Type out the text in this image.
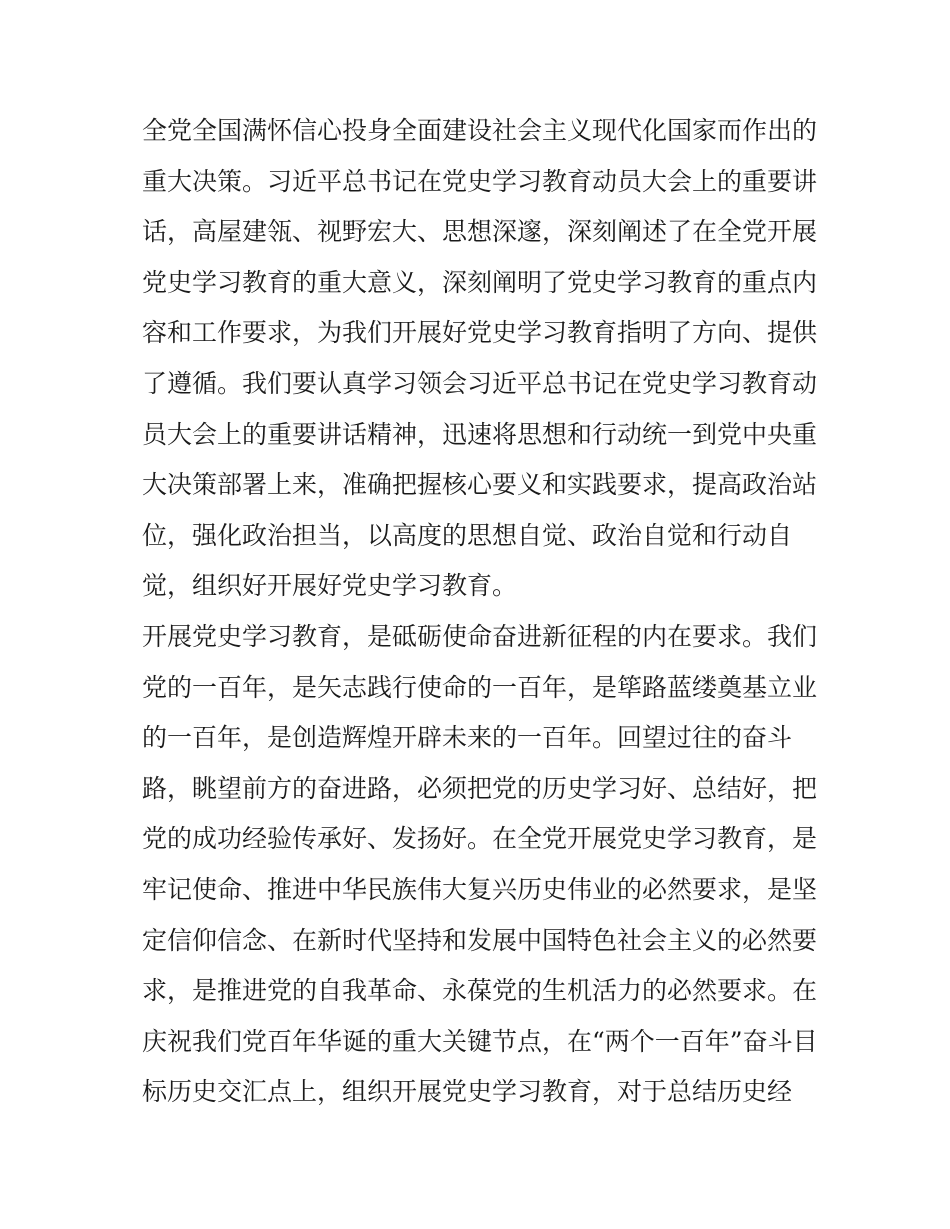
全党全国满怀信心投身全面建设社会主义现代化国家而作出的
重大决策。习近平总书记在党史学习教育动员大会上的重要讲
话，高屋建瓴、视野宏大、思想深邃，深刻阐述了在全党开展
党史学习教育的重大意义，深刻阐明了党史学习教育的重点内
容和工作要求，为我们开展好党史学习教育指明了方向、提供
了遵循。我们要认真学习领会习近平总书记在党史学习教育动
员大会上的重要讲话精神，迅速将思想和行动统一到党中央重
大决策部署上来，准确把握核心要义和实践要求，提高政治站
位，强化政治担当，以高度的思想自觉、政治自觉和行动自
觉，组织好开展好党史学习教育。
开展党史学习教育，是砥砺使命奋进新征程的内在要求。我们
党的一百年，是矢志践行使命的一百年，是筚路蓝缕奠基立业
的一百年，是创造辉煌开辟未来的一百年。回望过往的奋斗
路，眺望前方的奋进路，必须把党的历史学习好、总结好，把
党的成功经验传承好、发扬好。在全党开展党史学习教育，是
牢记使命、推进中华民族伟大复兴历史伟业的必然要求，是坚
定信仰信念、在新时代坚持和发展中国特色社会主义的必然要
求，是推进党的自我革命、永葆党的生机活力的必然要求。在
庆祝我们党百年华诞的重大关键节点，在“两个一百年”奋斗目
标历史交汇点上，组织开展党史学习教育，对于总结历史经
